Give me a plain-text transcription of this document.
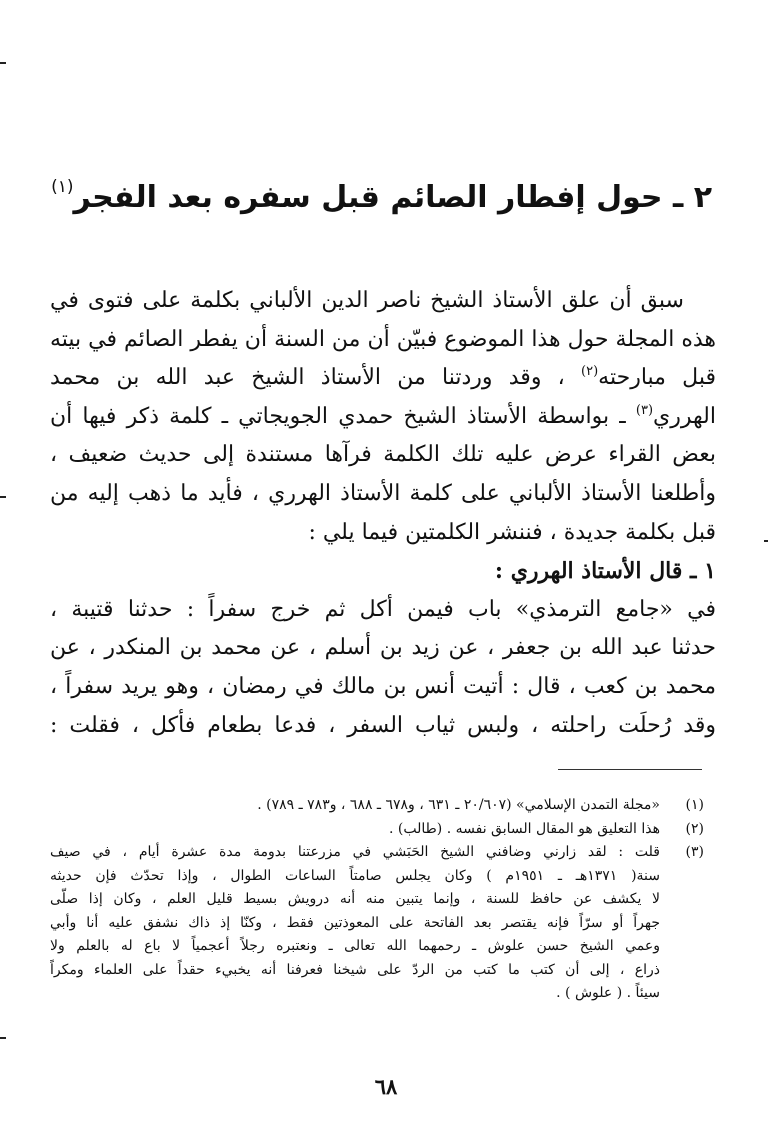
٢ ـ حول إفطار الصائم قبل سفره بعد الفجر$^{(١)}$
سبق أن علق الأستاذ الشيخ ناصر الدين الألباني بكلمة على فتوى في
هذه المجلة حول هذا الموضوع فبيّن أن من السنة أن يفطر الصائم في بيته
قبل مبارحته$^{(٢)}$ ، وقد وردتنا من الأستاذ الشيخ عبد الله بن محمد
الهرري$^{(٣)}$ ـ بواسطة الأستاذ الشيخ حمدي الجويجاتي ـ كلمة ذكر فيها أن
بعض القراء عرض عليه تلك الكلمة فرآها مستندة إلى حديث ضعيف ،
وأطلعنا الأستاذ الألباني على كلمة الأستاذ الهرري ، فأيد ما ذهب إليه من
قبل بكلمة جديدة ، فننشر الكلمتين فيما يلي :
١ ـ قال الأستاذ الهرري :
في «جامع الترمذي» باب فيمن أكل ثم خرج سفراً : حدثنا قتيبة ،
حدثنا عبد الله بن جعفر ، عن زيد بن أسلم ، عن محمد بن المنكدر ، عن
محمد بن كعب ، قال : أتيت أنس بن مالك في رمضان ، وهو يريد سفراً ،
وقد رُحلَت راحلته ، ولبس ثياب السفر ، فدعا بطعام فأكل ، فقلت :
(١)
«مجلة التمدن الإسلامي» (٢٠/٦٠٧ ـ ٦٣١ ، و٦٧٨ ـ ٦٨٨ ، و٧٨٣ ـ ٧٨٩) .
(٢)
هذا التعليق هو المقال السابق نفسه . (طالب) .
(٣)
قلت : لقد زارني وضافني الشيخ الحَبَشي في مزرعتنا بدومة مدة عشرة أيام ، في صيف
سنة( ١٣٧١هـ ـ ١٩٥١م ) وكان يجلس صامتاً الساعات الطوال ، وإذا تحدّث فإن حديثه
لا يكشف عن حافظ للسنة ، وإنما يتبين منه أنه درويش بسيط قليل العلم ، وكان إذا صلّى
جهراً أو سرّاً فإنه يقتصر بعد الفاتحة على المعوذتين فقط ، وكنّا إذ ذاك نشفق عليه أنا وأبي
وعمي الشيخ حسن علوش ـ رحمهما الله تعالى ـ ونعتبره رجلاً أعجمياً لا باع له بالعلم ولا
ذراع ، إلى أن كتب ما كتب من الردّ على شيخنا فعرفنا أنه يخبيء حقداً على العلماء ومكراً
سيئاً . ( علوش ) .
٦٨
